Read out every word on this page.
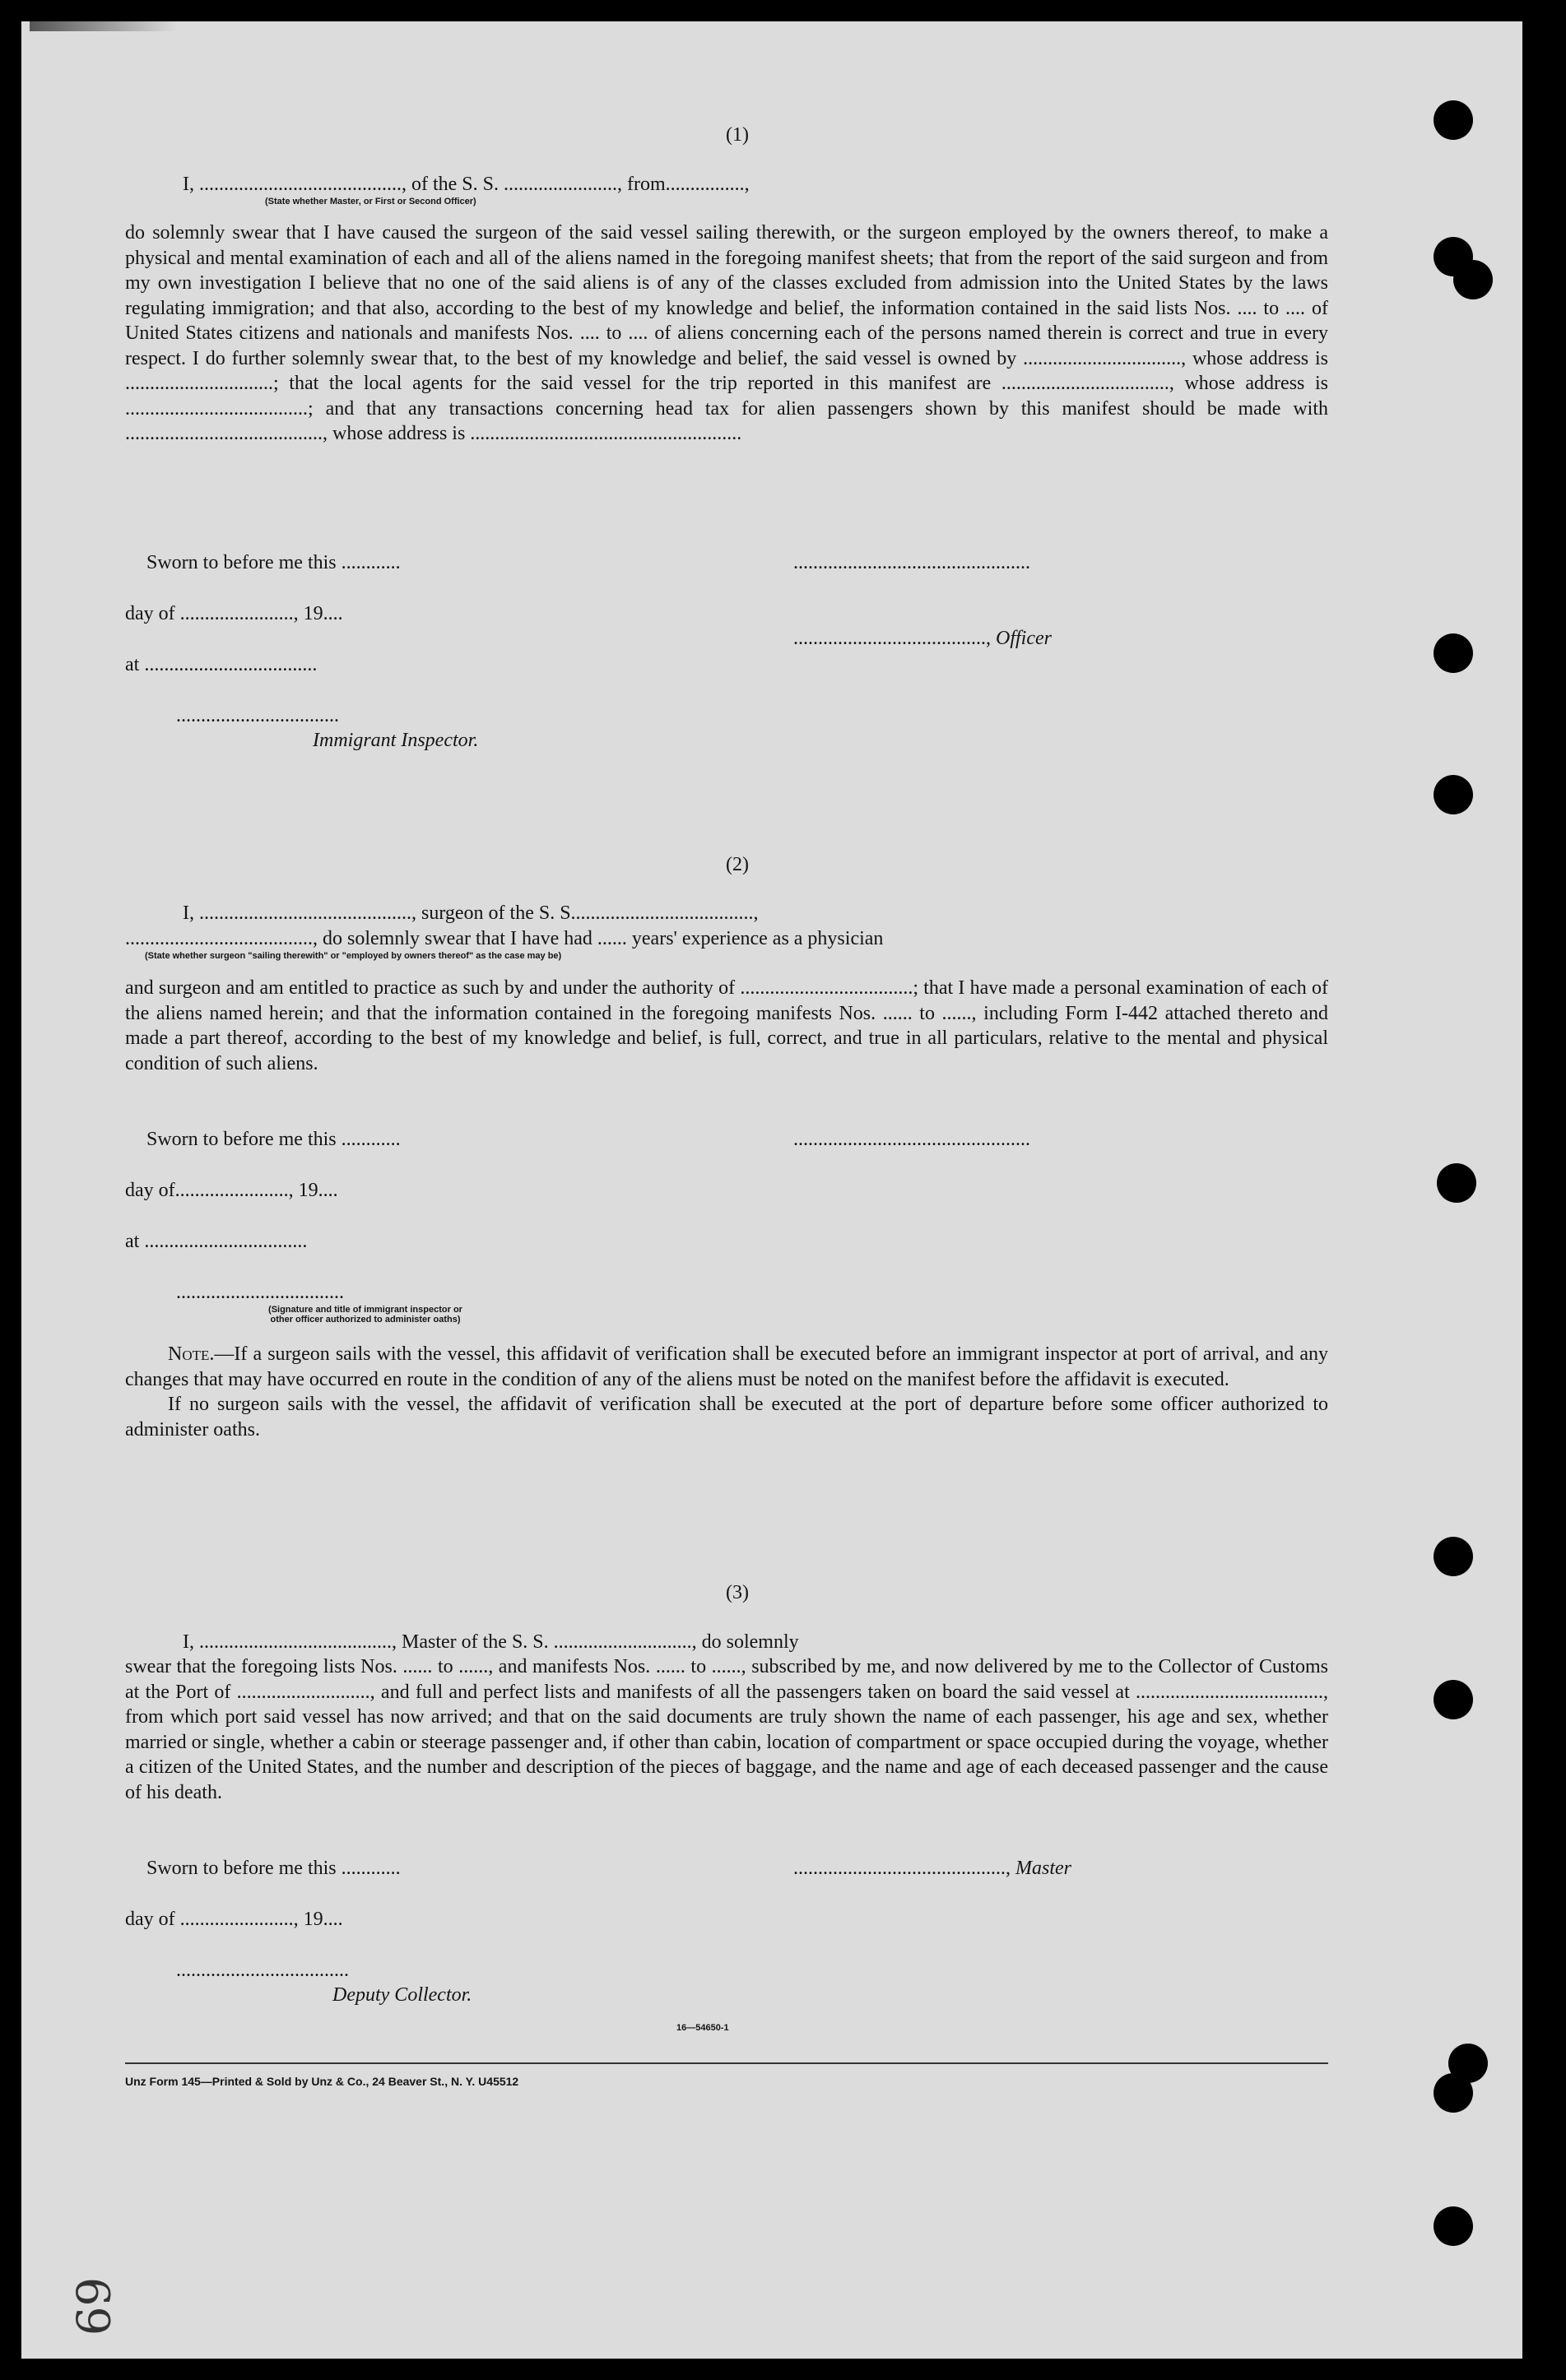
(1)
I, ........................................., of the S. S. ......................., from................,
(State whether Master, or First or Second Officer)

do solemnly swear that I have caused the surgeon of the said vessel sailing therewith, or the surgeon employed by the owners thereof, to make a physical and mental examination of each and all of the aliens named in the foregoing manifest sheets; that from the report of the said surgeon and from my own investigation I believe that no one of the said aliens is of any of the classes excluded from admission into the United States by the laws regulating immigration; and that also, according to the best of my knowledge and belief, the information contained in the said lists Nos. .... to .... of United States citizens and nationals and manifests Nos. .... to .... of aliens concerning each of the persons named therein is correct and true in every respect. I do further solemnly swear that, to the best of my knowledge and belief, the said vessel is owned by ................................, whose address is ..............................; that the local agents for the said vessel for the trip reported in this manifest are .................................., whose address is .....................................; and that any transactions concerning head tax for alien passengers shown by this manifest should be made with ........................................, whose address is .......................................................

Sworn to before me this ............	................................................
day of ......................., 19....
......................................., Officer
at ...................................
.................................
Immigrant Inspector.
(2)
I, ..........................................., surgeon of the S. S.....................................,
......................................, do solemnly swear that I have had ...... years' experience as a physician
(State whether surgeon "sailing therewith" or "employed by owners thereof" as the case may be)

and surgeon and am entitled to practice as such by and under the authority of ...................................; that I have made a personal examination of each of the aliens named herein; and that the information contained in the foregoing manifests Nos. ...... to ......, including Form I-442 attached thereto and made a part thereof, according to the best of my knowledge and belief, is full, correct, and true in all particulars, relative to the mental and physical condition of such aliens.

Sworn to before me this ............	................................................
day of......................., 19....
at .................................
..................................
(Signature and title of immigrant inspector or
other officer authorized to administer oaths)

Note.—If a surgeon sails with the vessel, this affidavit of verification shall be executed before an immigrant inspector at port of arrival, and any changes that may have occurred en route in the condition of any of the aliens must be noted on the manifest before the affidavit is executed.

If no surgeon sails with the vessel, the affidavit of verification shall be executed at the port of departure before some officer authorized to administer oaths.

(3)
I, ......................................., Master of the S. S. ............................, do solemnly

swear that the foregoing lists Nos. ...... to ......, and manifests Nos. ...... to ......, subscribed by me, and now delivered by me to the Collector of Customs at the Port of ..........................., and full and perfect lists and manifests of all the passengers taken on board the said vessel at ......................................, from which port said vessel has now arrived; and that on the said documents are truly shown the name of each passenger, his age and sex, whether married or single, whether a cabin or steerage passenger and, if other than cabin, location of compartment or space occupied during the voyage, whether a citizen of the United States, and the number and description of the pieces of baggage, and the name and age of each deceased passenger and the cause of his death.

Sworn to before me this ............	..........................................., Master
day of ......................., 19....
...................................
Deputy Collector.
16—54650-1
Unz Form 145—Printed & Sold by Unz & Co., 24 Beaver St., N. Y. U45512
69
